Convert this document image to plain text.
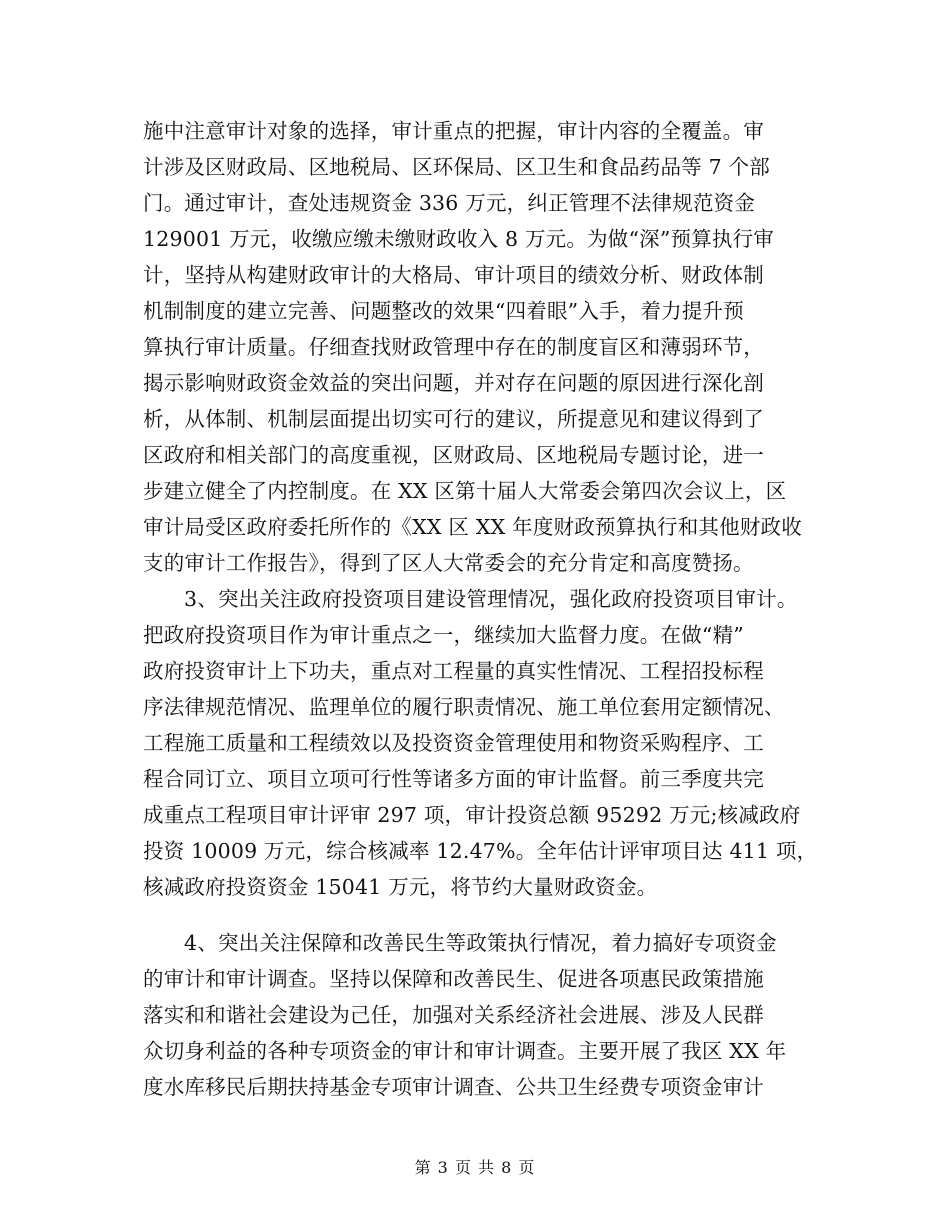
施中注意审计对象的选择，审计重点的把握，审计内容的全覆盖。审
计涉及区财政局、区地税局、区环保局、区卫生和食品药品等 7 个部
门。通过审计，查处违规资金 336 万元，纠正管理不法律规范资金
129001 万元，收缴应缴未缴财政收入 8 万元。为做“深”预算执行审
计，坚持从构建财政审计的大格局、审计项目的绩效分析、财政体制
机制制度的建立完善、问题整改的效果“四着眼”入手，着力提升预
算执行审计质量。仔细查找财政管理中存在的制度盲区和薄弱环节，
揭示影响财政资金效益的突出问题，并对存在问题的原因进行深化剖
析，从体制、机制层面提出切实可行的建议，所提意见和建议得到了
区政府和相关部门的高度重视，区财政局、区地税局专题讨论，进一
步建立健全了内控制度。在 XX 区第十届人大常委会第四次会议上，区
审计局受区政府委托所作的《XX 区 XX 年度财政预算执行和其他财政收
支的审计工作报告》，得到了区人大常委会的充分肯定和高度赞扬。
3、突出关注政府投资项目建设管理情况，强化政府投资项目审计。
把政府投资项目作为审计重点之一，继续加大监督力度。在做“精”
政府投资审计上下功夫，重点对工程量的真实性情况、工程招投标程
序法律规范情况、监理单位的履行职责情况、施工单位套用定额情况、
工程施工质量和工程绩效以及投资资金管理使用和物资采购程序、工
程合同订立、项目立项可行性等诸多方面的审计监督。前三季度共完
成重点工程项目审计评审 297 项，审计投资总额 95292 万元;核减政府
投资 10009 万元，综合核减率 12.47%。全年估计评审项目达 411 项，
核减政府投资资金 15041 万元，将节约大量财政资金。
4、突出关注保障和改善民生等政策执行情况，着力搞好专项资金
的审计和审计调查。坚持以保障和改善民生、促进各项惠民政策措施
落实和和谐社会建设为己任，加强对关系经济社会进展、涉及人民群
众切身利益的各种专项资金的审计和审计调查。主要开展了我区 XX 年
度水库移民后期扶持基金专项审计调查、公共卫生经费专项资金审计
第 3 页 共 8 页
